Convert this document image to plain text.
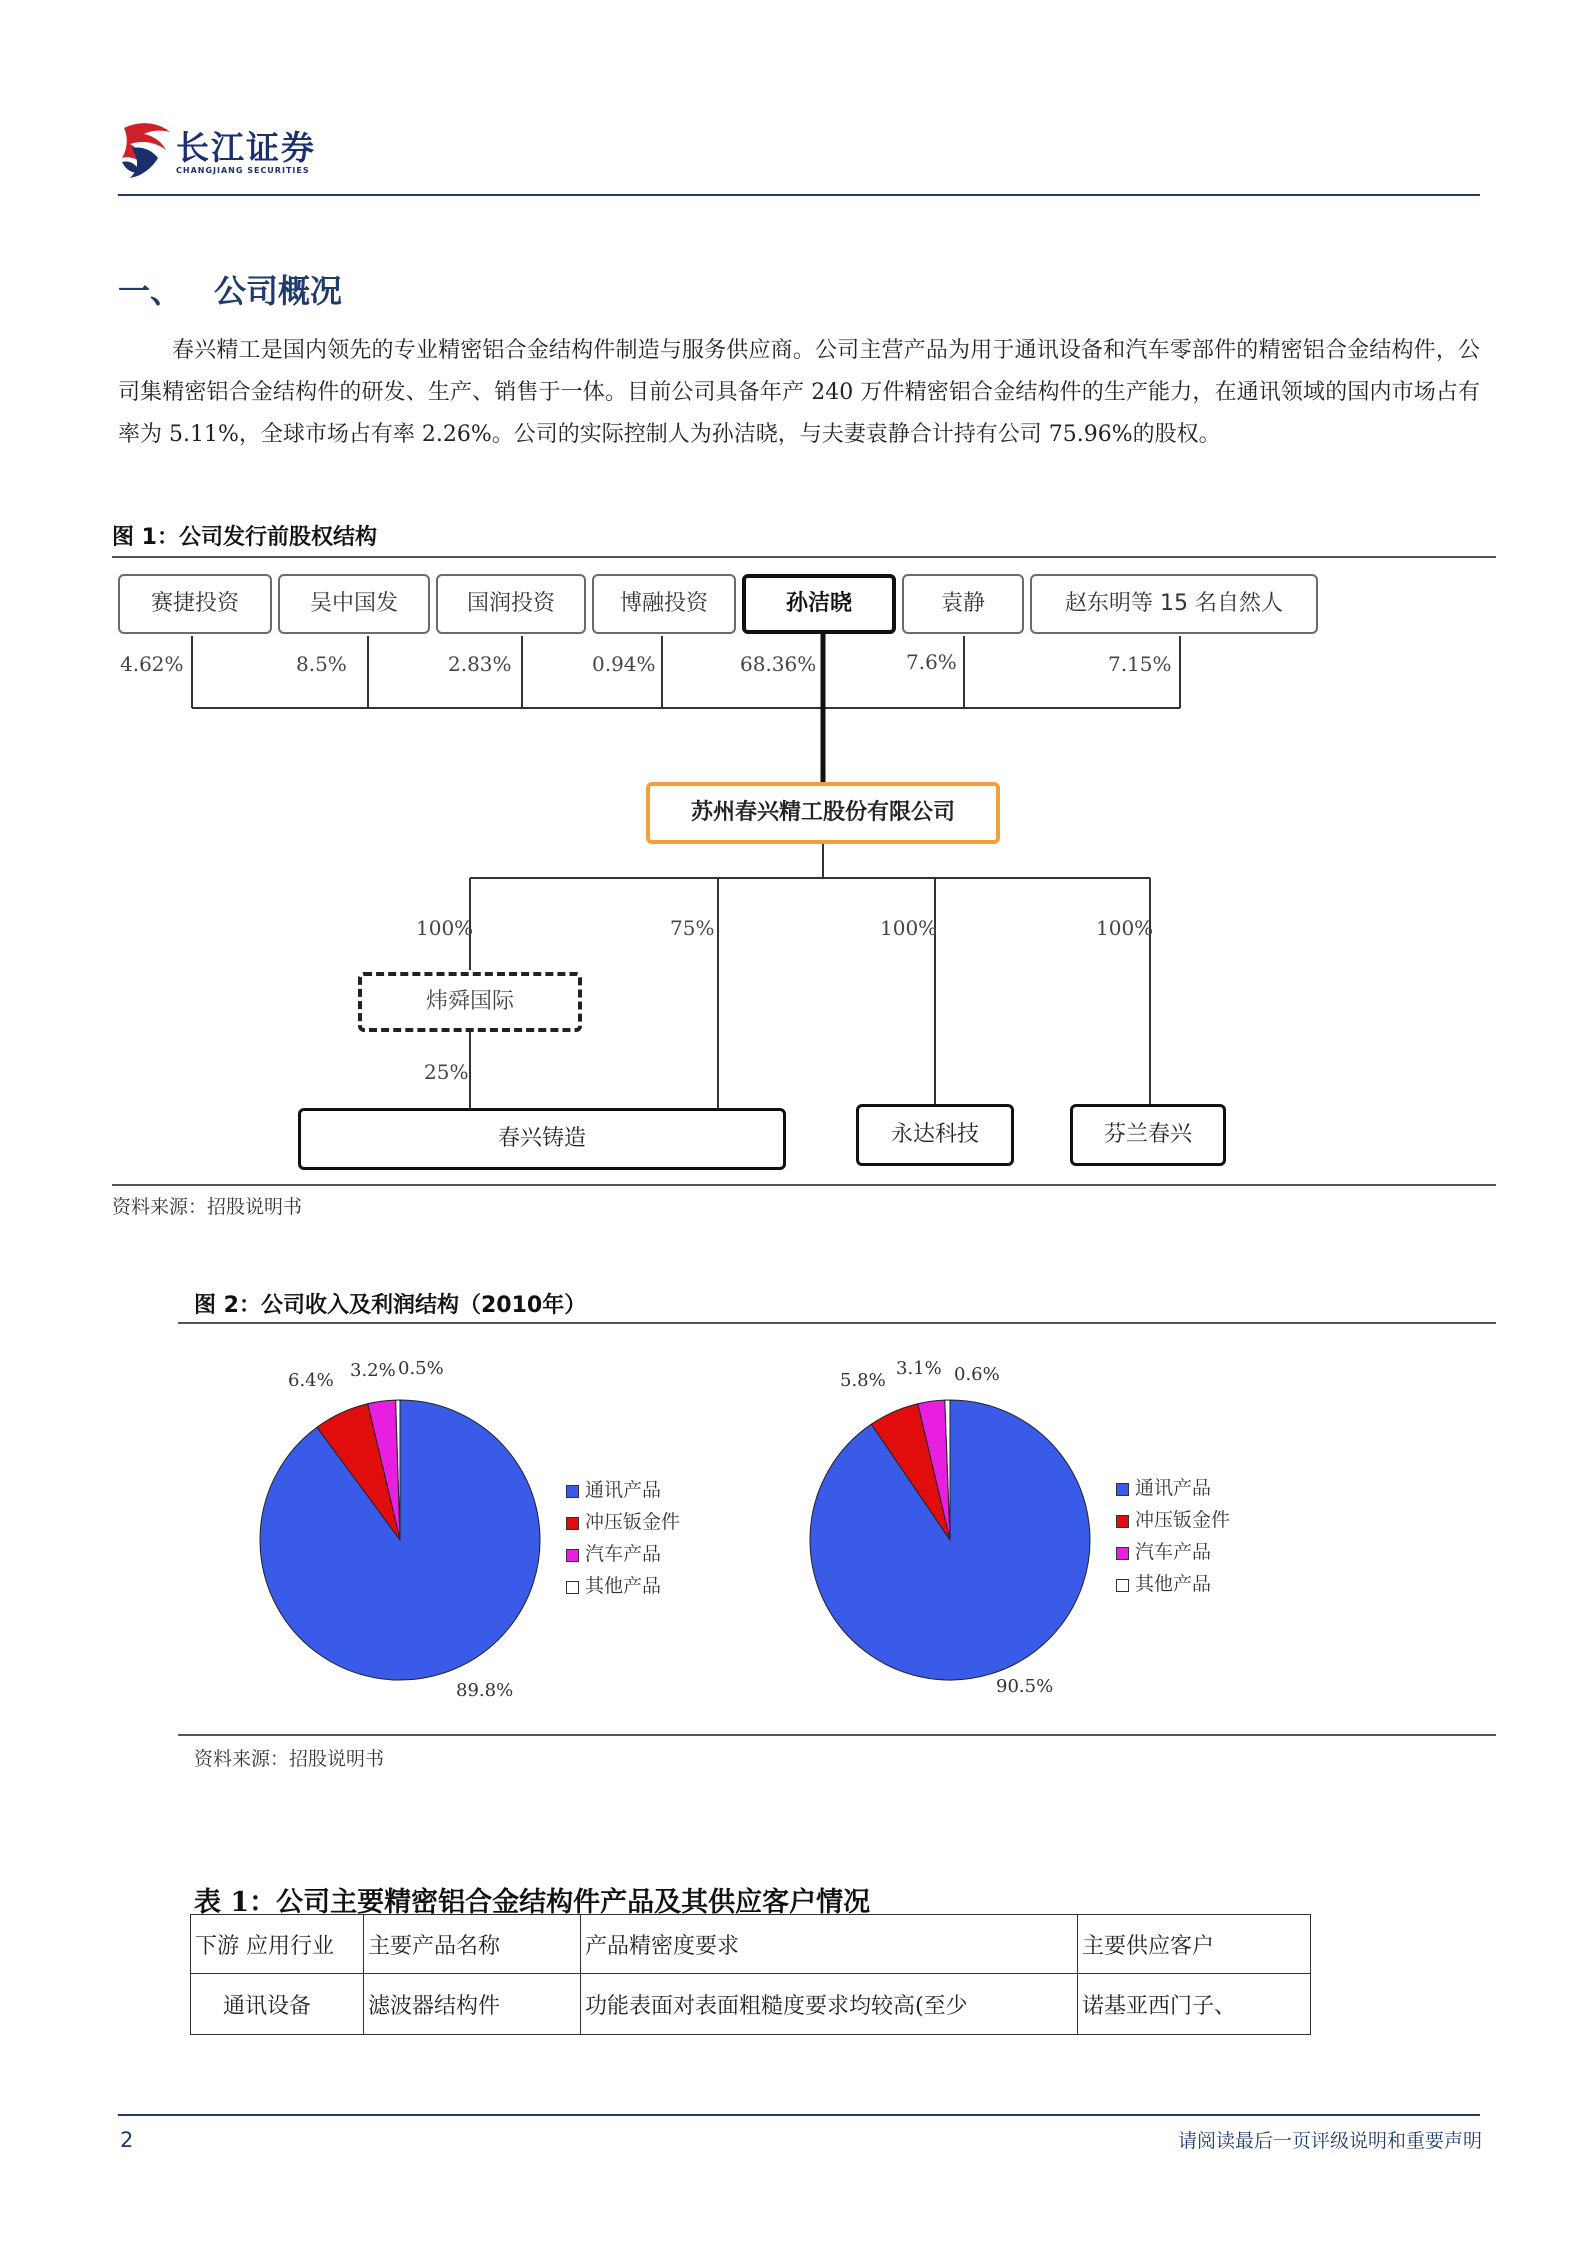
长江证券
CHANGJIANG SECURITIES
一、 公司概况
春兴精工是国内领先的专业精密铝合金结构件制造与服务供应商。公司主营产品为用于通讯设备和汽车零部件的精密铝合金结构件，公司集精密铝合金结构件的研发、生产、销售于一体。目前公司具备年产 240 万件精密铝合金结构件的生产能力，在通讯领域的国内市场占有率为 5.11%，全球市场占有率 2.26%。公司的实际控制人为孙洁晓，与夫妻袁静合计持有公司 75.96%的股权。
图 1：公司发行前股权结构
赛捷投资	吴中国发	国润投资	博融投资	孙洁晓	袁静	赵东明等 15 名自然人
4.62%	8.5%	2.83%	0.94%	68.36%	7.6%	7.15%
苏州春兴精工股份有限公司
100%	75%	100%	100%
炜舜国际
25%
春兴铸造	永达科技	芬兰春兴
资料来源：招股说明书
图 2：公司收入及利润结构（2010年）
6.4% 3.2% 0.5%
89.8%
5.8%
3.1% 0.6%
90.5%
通讯产品
冲压钣金件
汽车产品
其他产品
通讯产品
冲压钣金件
汽车产品
其他产品
资料来源：招股说明书
表 1：公司主要精密铝合金结构件产品及其供应客户情况
下游 应用行业	主要产品名称	产品精密度要求	主要供应客户
通讯设备	滤波器结构件	功能表面对表面粗糙度要求均较高(至少	诺基亚西门子、
2	请阅读最后一页评级说明和重要声明
